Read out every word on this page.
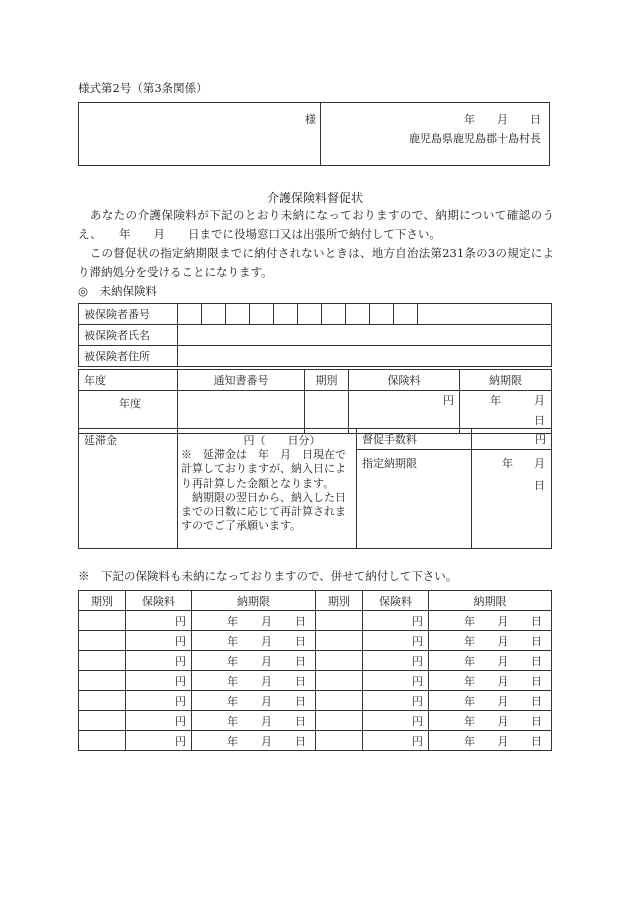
様式第2号（第3条関係）
様	年　　月　　日
鹿児島県鹿児島郡十島村長
介護保険料督促状
　あなたの介護保険料が下記のとおり未納になっておりますので、納期について確認のうえ、　　年　　月　　日までに役場窓口又は出張所で納付して下さい。
　この督促状の指定納期限までに納付されないときは、地方自治法第231条の3の規定により滞納処分を受けることになります。
◎　未納保険料
被保険者番号											
被保険者氏名											
被保険者住所											
年度	通知書番号	期別	保険料	納期限
年度			円	年 月
日
延滞金	円（　　日分）
※　延滞金は　年　月　日現在で計算しておりますが、納入日により再計算した金額となります。
　納期限の翌日から、納入した日までの日数に応じて再計算されますのでご了承願います。

督促手数料	円
指定納期限	年 月
日
※　下記の保険料も未納になっておりますので、併せて納付して下さい。
期別	保険料	納期限	期別	保険料	納期限
	円	年 月 日		円	年 月 日

	円	年 月 日		円	年 月 日

	円	年 月 日		円	年 月 日

	円	年 月 日		円	年 月 日

	円	年 月 日		円	年 月 日

	円	年 月 日		円	年 月 日

	円	年 月 日		円	年 月 日
